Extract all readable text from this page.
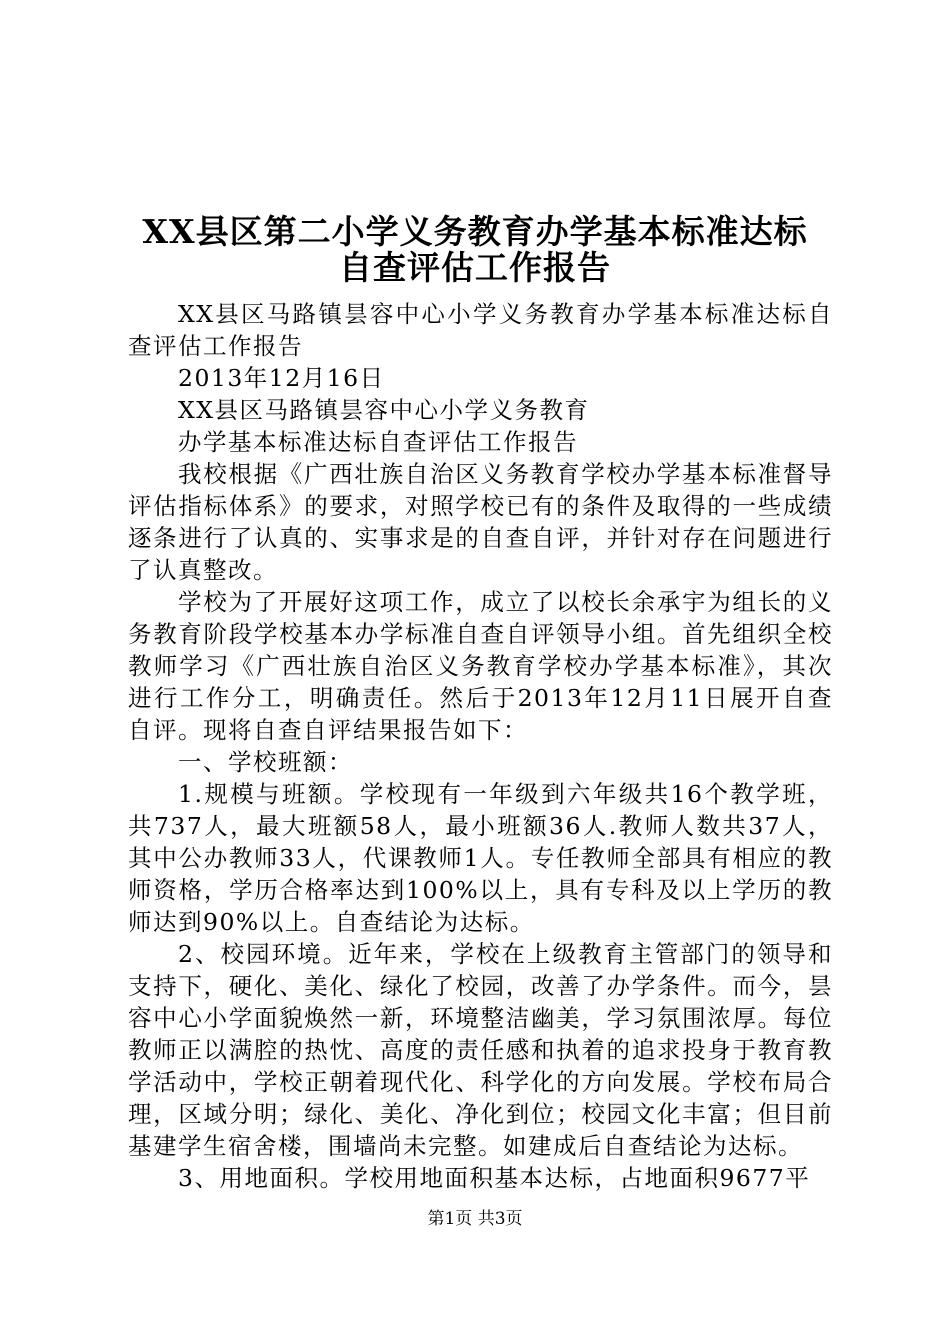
XX县区第二小学义务教育办学基本标准达标
自查评估工作报告

XX县区马路镇昙容中心小学义务教育办学基本标准达标自查评估工作报告

2013年12月16日

XX县区马路镇昙容中心小学义务教育

办学基本标准达标自查评估工作报告

我校根据《广西壮族自治区义务教育学校办学基本标准督导评估指标体系》的要求，对照学校已有的条件及取得的一些成绩逐条进行了认真的、实事求是的自查自评，并针对存在问题进行了认真整改。

学校为了开展好这项工作，成立了以校长余承宇为组长的义务教育阶段学校基本办学标准自查自评领导小组。首先组织全校教师学习《广西壮族自治区义务教育学校办学基本标准》，其次进行工作分工，明确责任。然后于2013年12月11日展开自查自评。现将自查自评结果报告如下：

一、学校班额：

1.规模与班额。学校现有一年级到六年级共16个教学班，共737人，最大班额58人，最小班额36人.教师人数共37人，其中公办教师33人，代课教师1人。专任教师全部具有相应的教师资格，学历合格率达到100%以上，具有专科及以上学历的教师达到90%以上。自查结论为达标。

2、校园环境。近年来，学校在上级教育主管部门的领导和支持下，硬化、美化、绿化了校园，改善了办学条件。而今，昙容中心小学面貌焕然一新，环境整洁幽美，学习氛围浓厚。每位教师正以满腔的热忱、高度的责任感和执着的追求投身于教育教学活动中，学校正朝着现代化、科学化的方向发展。学校布局合理，区域分明；绿化、美化、净化到位；校园文化丰富；但目前基建学生宿舍楼，围墙尚未完整。如建成后自查结论为达标。

3、用地面积。学校用地面积基本达标，占地面积9677平

第1页 共3页
